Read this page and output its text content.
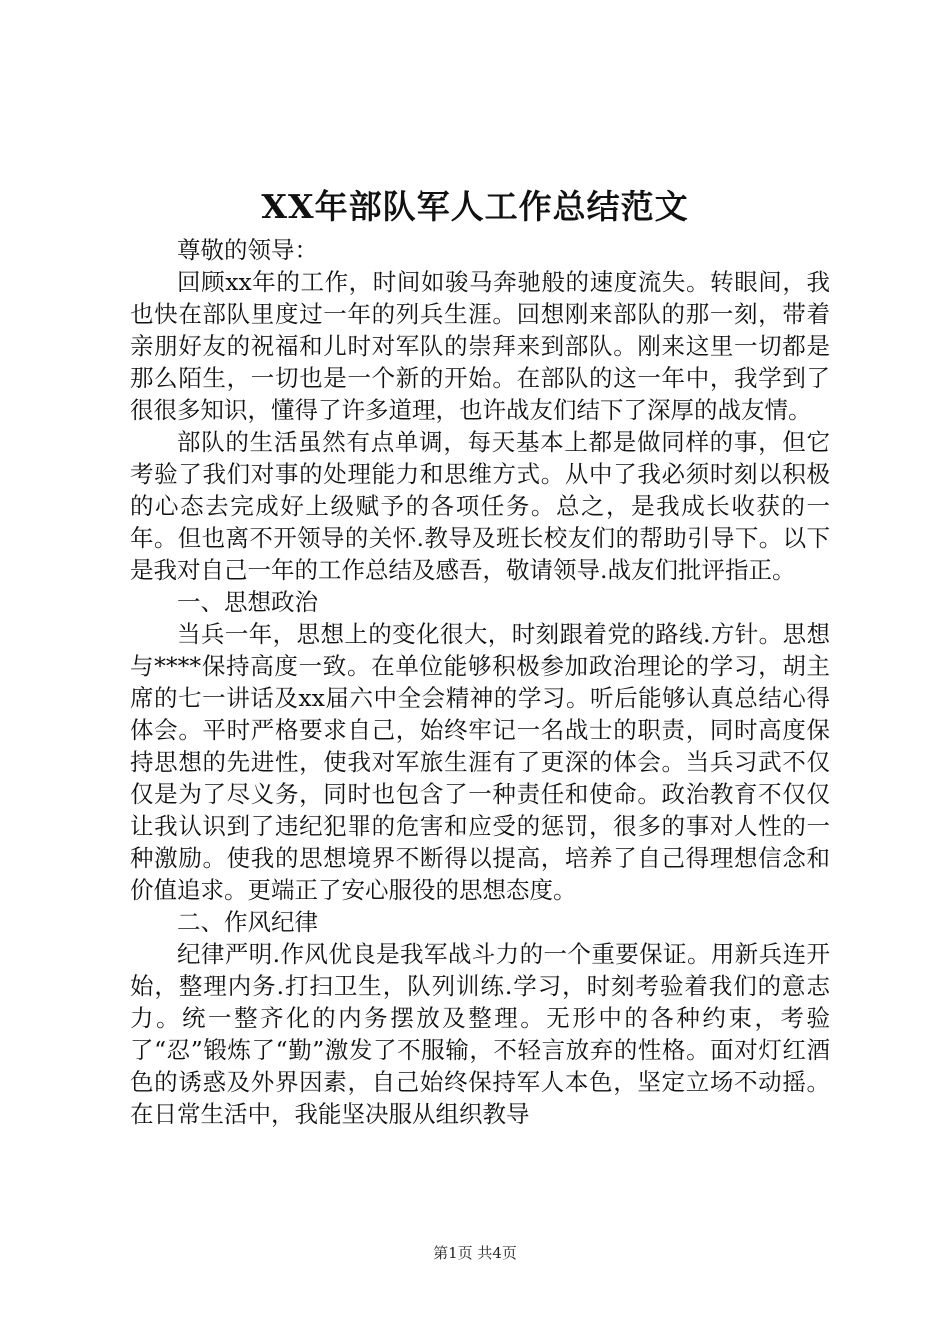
XX年部队军人工作总结范文

尊敬的领导：

回顾xx年的工作，时间如骏马奔驰般的速度流失。转眼间，我也快在部队里度过一年的列兵生涯。回想刚来部队的那一刻，带着亲朋好友的祝福和儿时对军队的崇拜来到部队。刚来这里一切都是那么陌生，一切也是一个新的开始。在部队的这一年中，我学到了很很多知识，懂得了许多道理，也许战友们结下了深厚的战友情。

部队的生活虽然有点单调，每天基本上都是做同样的事，但它考验了我们对事的处理能力和思维方式。从中了我必须时刻以积极的心态去完成好上级赋予的各项任务。总之，是我成长收获的一年。但也离不开领导的关怀.教导及班长校友们的帮助引导下。以下是我对自己一年的工作总结及感吾，敬请领导.战友们批评指正。

一、思想政治

当兵一年，思想上的变化很大，时刻跟着党的路线.方针。思想与****保持高度一致。在单位能够积极参加政治理论的学习，胡主席的七一讲话及xx届六中全会精神的学习。听后能够认真总结心得体会。平时严格要求自己，始终牢记一名战士的职责，同时高度保持思想的先进性，使我对军旅生涯有了更深的体会。当兵习武不仅仅是为了尽义务，同时也包含了一种责任和使命。政治教育不仅仅让我认识到了违纪犯罪的危害和应受的惩罚，很多的事对人性的一种激励。使我的思想境界不断得以提高，培养了自己得理想信念和价值追求。更端正了安心服役的思想态度。

二、作风纪律

纪律严明.作风优良是我军战斗力的一个重要保证。用新兵连开始，整理内务.打扫卫生，队列训练.学习，时刻考验着我们的意志力。统一整齐化的内务摆放及整理。无形中的各种约束，考验了“忍”锻炼了“勤”激发了不服输，不轻言放弃的性格。面对灯红酒色的诱惑及外界因素，自己始终保持军人本色，坚定立场不动摇。在日常生活中，我能坚决服从组织教导

第1页 共4页
